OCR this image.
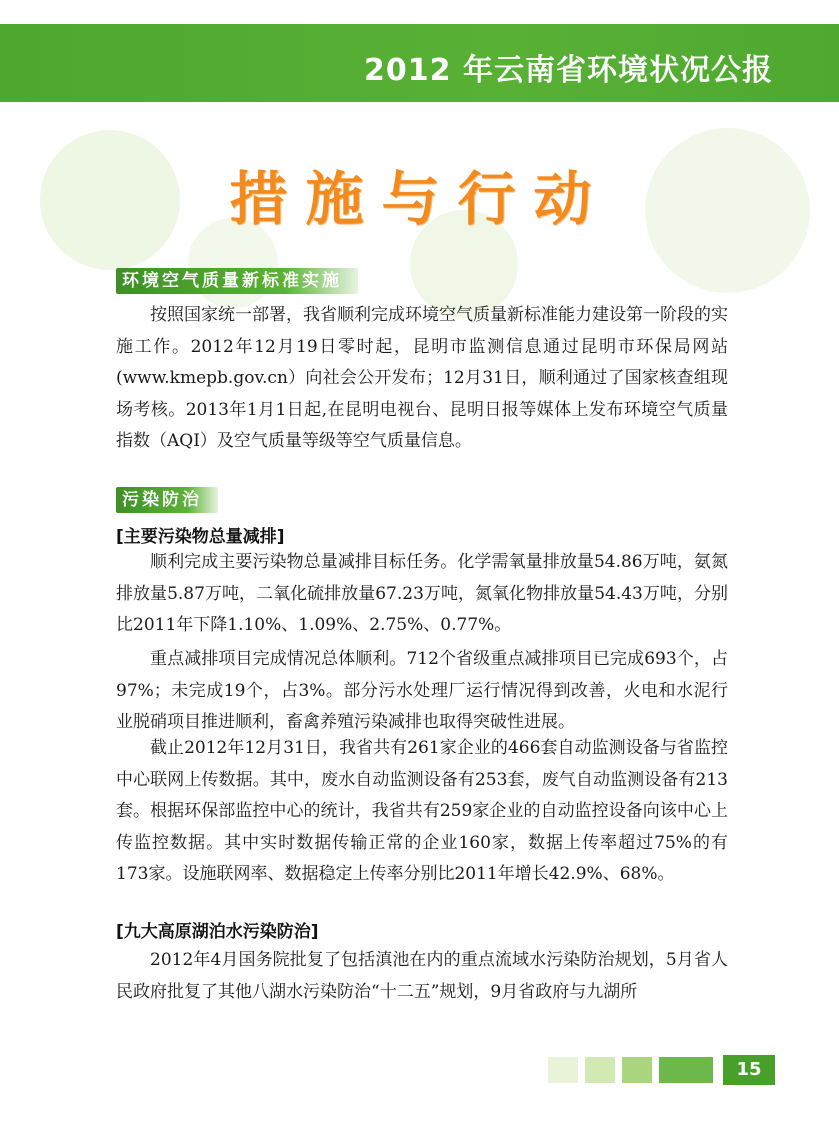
2012 年云南省环境状况公报
措施与行动
环境空气质量新标准实施

按照国家统一部署，我省顺利完成环境空气质量新标准能力建设第一阶段的实施工作。2012年12月19日零时起，昆明市监测信息通过昆明市环保局网站(www.kmepb.gov.cn）向社会公开发布；12月31日，顺利通过了国家核查组现场考核。2013年1月1日起,在昆明电视台、昆明日报等媒体上发布环境空气质量指数（AQI）及空气质量等级等空气质量信息。

污染防治
[主要污染物总量减排]

顺利完成主要污染物总量减排目标任务。化学需氧量排放量54.86万吨，氨氮排放量5.87万吨，二氧化硫排放量67.23万吨，氮氧化物排放量54.43万吨，分别比2011年下降1.10%、1.09%、2.75%、0.77%。

重点减排项目完成情况总体顺利。712个省级重点减排项目已完成693个，占97%；未完成19个，占3%。部分污水处理厂运行情况得到改善，火电和水泥行业脱硝项目推进顺利，畜禽养殖污染减排也取得突破性进展。

截止2012年12月31日，我省共有261家企业的466套自动监测设备与省监控中心联网上传数据。其中，废水自动监测设备有253套，废气自动监测设备有213套。根据环保部监控中心的统计，我省共有259家企业的自动监控设备向该中心上传监控数据。其中实时数据传输正常的企业160家，数据上传率超过75%的有173家。设施联网率、数据稳定上传率分别比2011年增长42.9%、68%。

[九大高原湖泊水污染防治]

2012年4月国务院批复了包括滇池在内的重点流域水污染防治规划，5月省人民政府批复了其他八湖水污染防治“十二五”规划，9月省政府与九湖所

15
